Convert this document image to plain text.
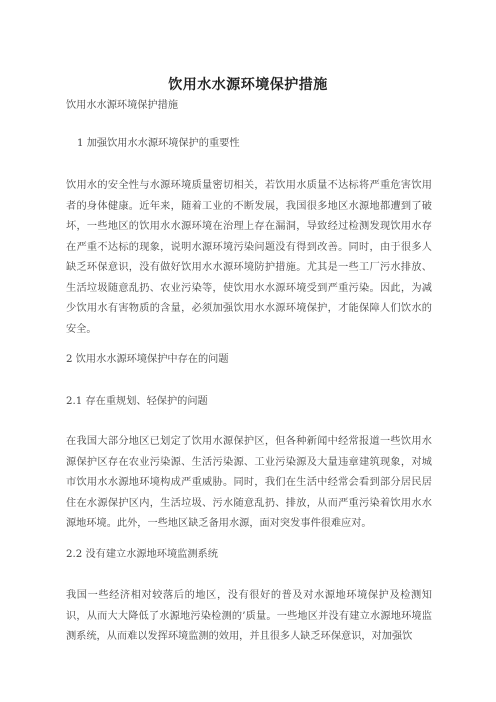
饮用水水源环境保护措施
饮用水水源环境保护措施
1 加强饮用水水源环境保护的重要性
饮用水的安全性与水源环境质量密切相关，若饮用水质量不达标将严重危害饮用者的身体健康。近年来，随着工业的不断发展，我国很多地区水源地都遭到了破坏，一些地区的饮用水水源环境在治理上存在漏洞，导致经过检测发现饮用水存在严重不达标的现象，说明水源环境污染问题没有得到改善。同时，由于很多人缺乏环保意识，没有做好饮用水水源环境防护措施。尤其是一些工厂污水排放、生活垃圾随意乱扔、农业污染等，使饮用水水源环境受到严重污染。因此，为减少饮用水有害物质的含量，必须加强饮用水水源环境保护，才能保障人们饮水的安全。
2 饮用水水源环境保护中存在的问题
2.1 存在重规划、轻保护的问题
在我国大部分地区已划定了饮用水源保护区，但各种新闻中经常报道一些饮用水源保护区存在农业污染源、生活污染源、工业污染源及大量违章建筑现象，对城市饮用水水源地环境构成严重威胁。同时，我们在生活中经常会看到部分居民居住在水源保护区内，生活垃圾、污水随意乱扔、排放，从而严重污染着饮用水水源地环境。此外，一些地区缺乏备用水源，面对突发事件很难应对。
2.2 没有建立水源地环境监测系统
我国一些经济相对较落后的地区，没有很好的普及对水源地环境保护及检测知识，从而大大降低了水源地污染检测的’质量。一些地区并没有建立水源地环境监测系统，从而难以发挥环境监测的效用，并且很多人缺乏环保意识，对加强饮
